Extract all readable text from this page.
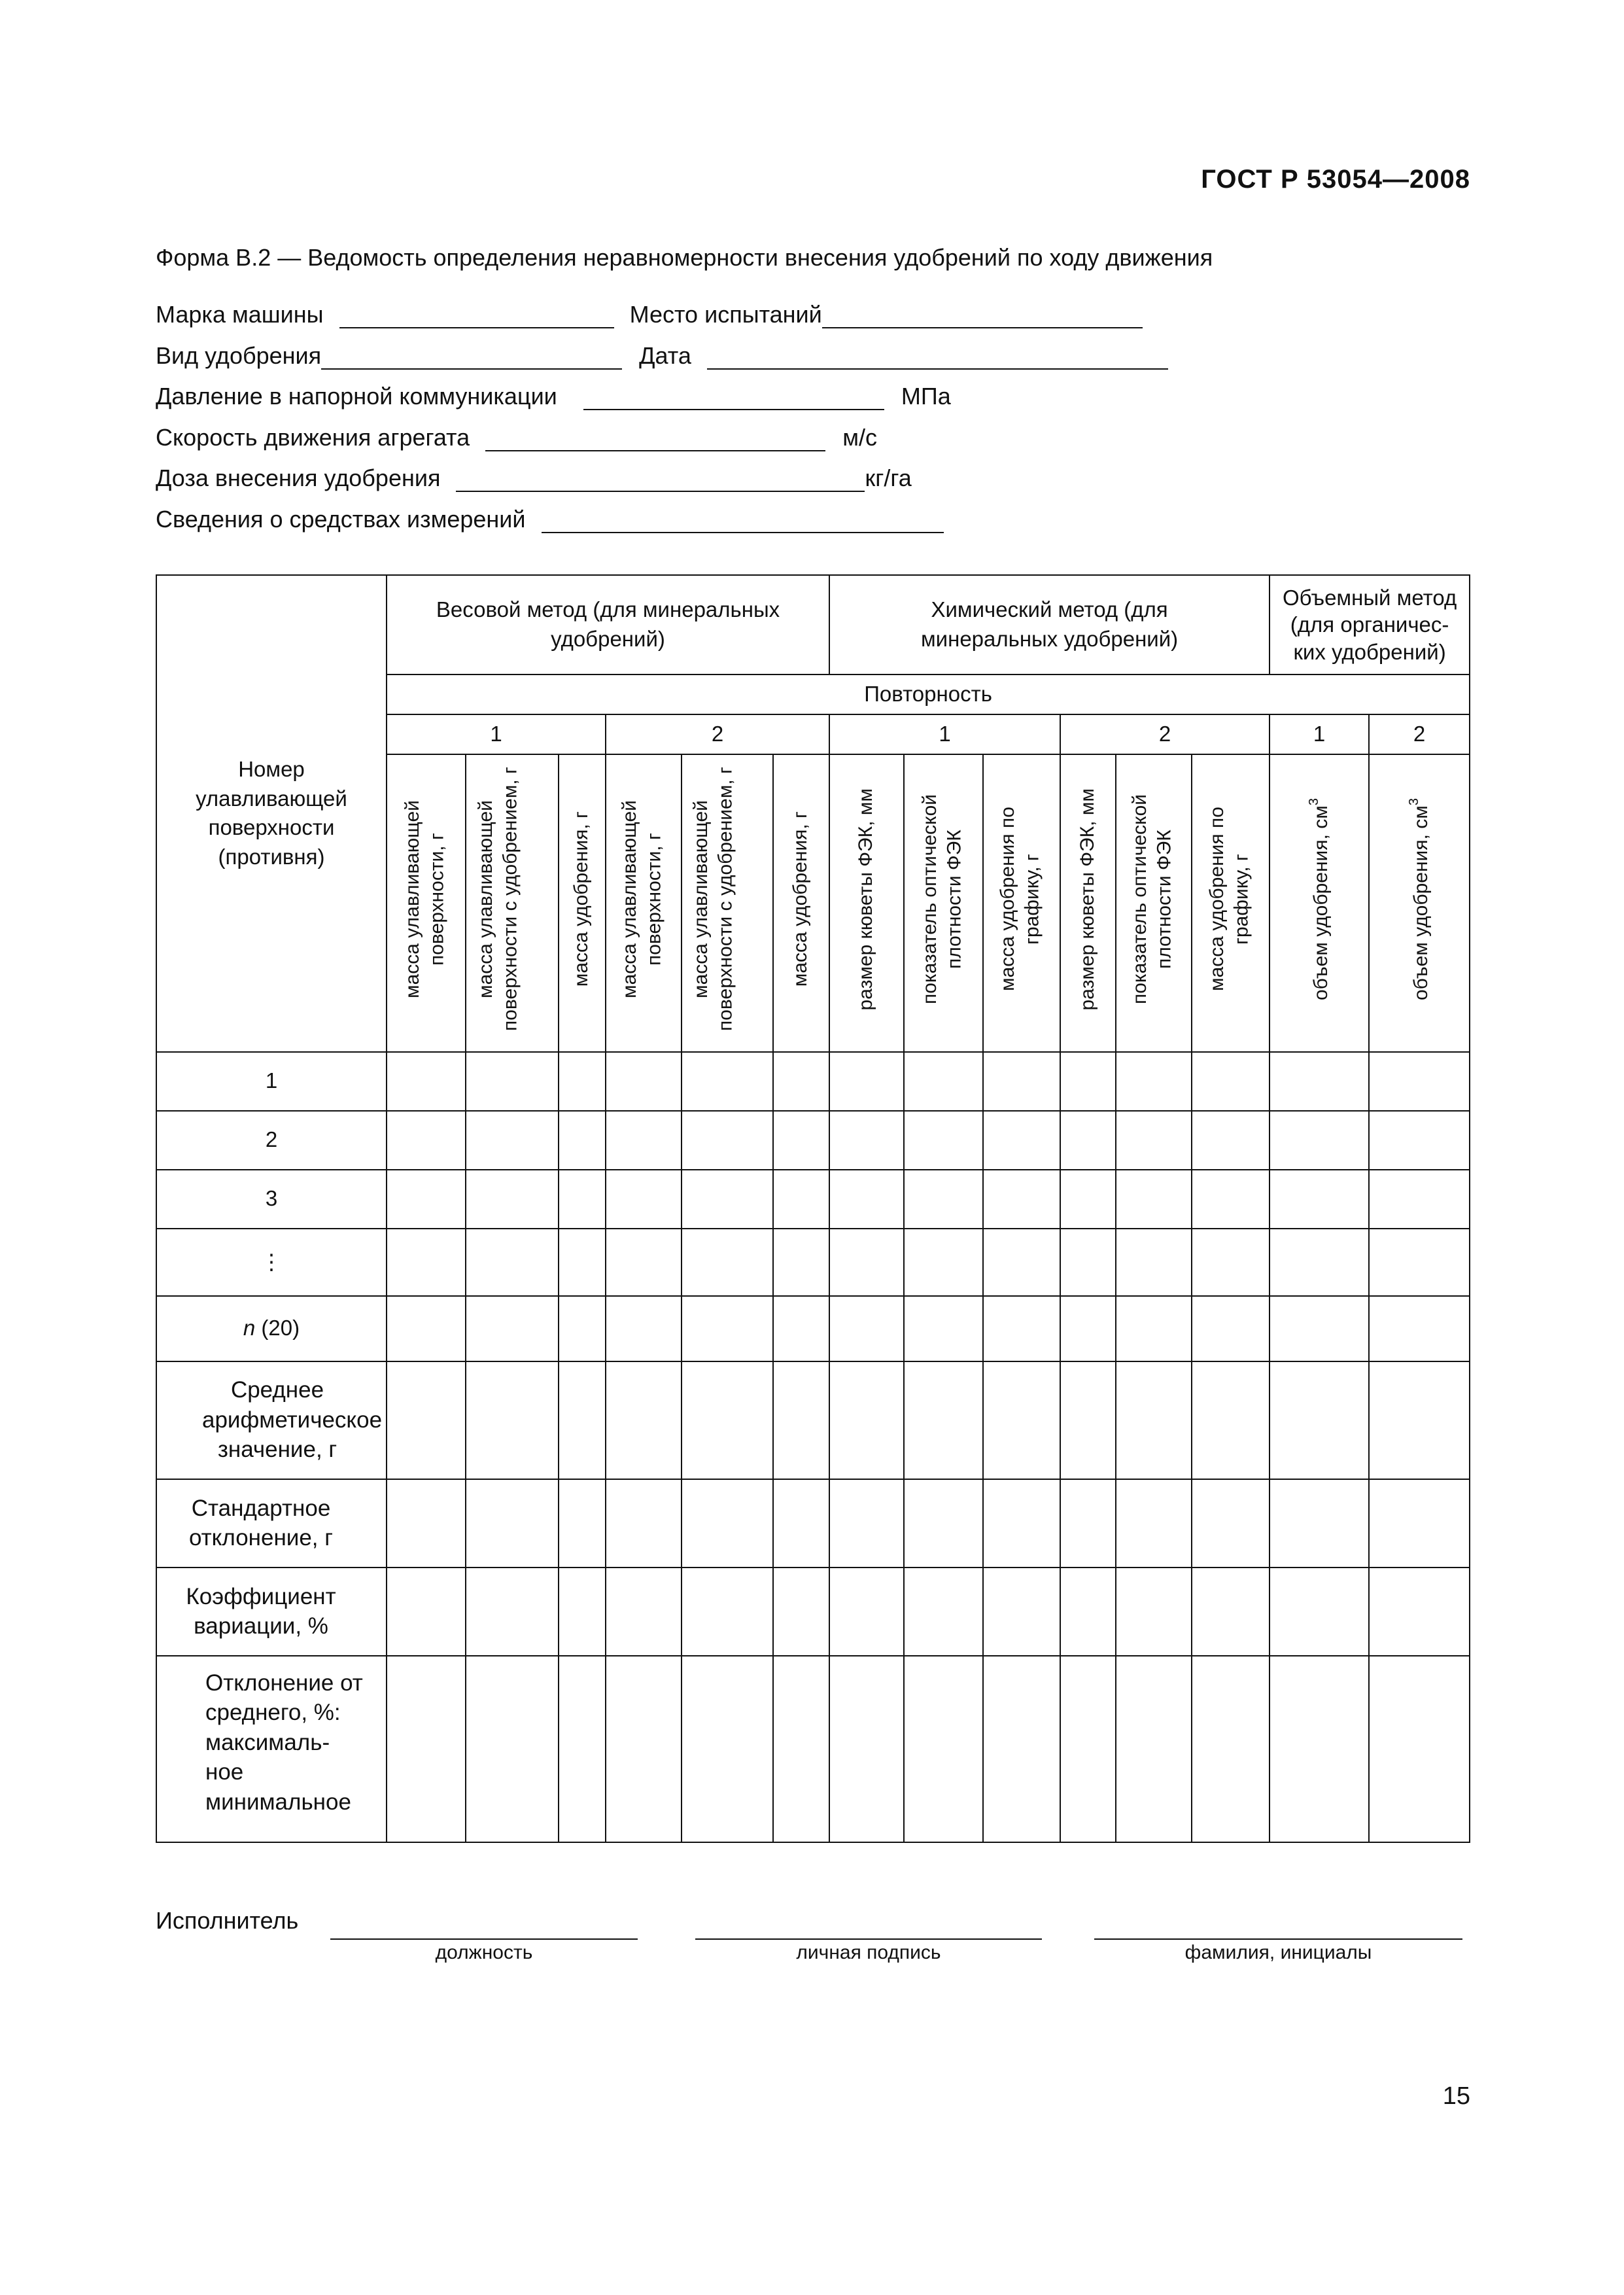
ГОСТ Р 53054—2008
Форма В.2 — Ведомость определения неравномерности внесения удобрений по ходу движения
Марка машины	Место испытаний
Вид удобрения	Дата
Давление в напорной коммуникации	МПа
Скорость движения агрегата	м/с
Доза внесения удобрения	кг/га
Сведения о средствах измерений
Номер улавливающей поверхности (противня)	Весовой метод (для минеральных удобрений)						Химический метод (для минеральных удобрений)						Объемный метод (для органичес-ких удобрений)	
	Повторность													
	1			2			1			2			1	2
	масса улавливающей поверхности, г	масса улавливающей поверхности с удобрением, г	масса удобрения, г	масса улавливающей поверхности, г	масса улавливающей поверхности с удобрением, г	масса удобрения, г	размер кюветы ФЭК, мм	показатель оптической плотности ФЭК	масса удобрения по графику, г	размер кюветы ФЭК, мм	показатель оптической плотности ФЭК	масса удобрения по графику, г	объем удобрения, $см^3$	объем удобрения, $см^3$
1														
2														
3														
⋮														
n (20)														

Среднее арифметическое значение, г														

Стандартное отклонение, г														

Коэффициент вариации, %														

Отклонение от среднего, %:
максималь-ное
минимальное														

Исполнитель
должность	личная подпись	фамилия, инициалы
15
